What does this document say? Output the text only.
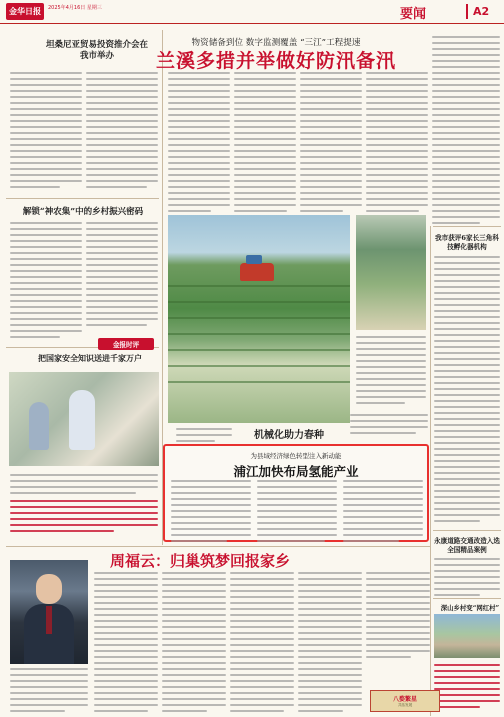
金华日报	2025年4月16日 星期三	要闻	A2
坦桑尼亚贸易投资推介会在我市举办
解锁“神农集”中的乡村振兴密码
金报时评
把国家安全知识送进千家万户
物资储备到位 数字监测覆盖 “三江”工程提速
兰溪多措并举做好防汛备汛
机械化助力春种
为县域经济绿色转型注入新动能
浦江加快布局氢能产业
我市获评6家长三角科技孵化器机构
永康道路交通改造入选全国精品案例
深山乡村变“网红村”
周福云：归巢筑梦回报家乡
八婺繁星
共話发展
